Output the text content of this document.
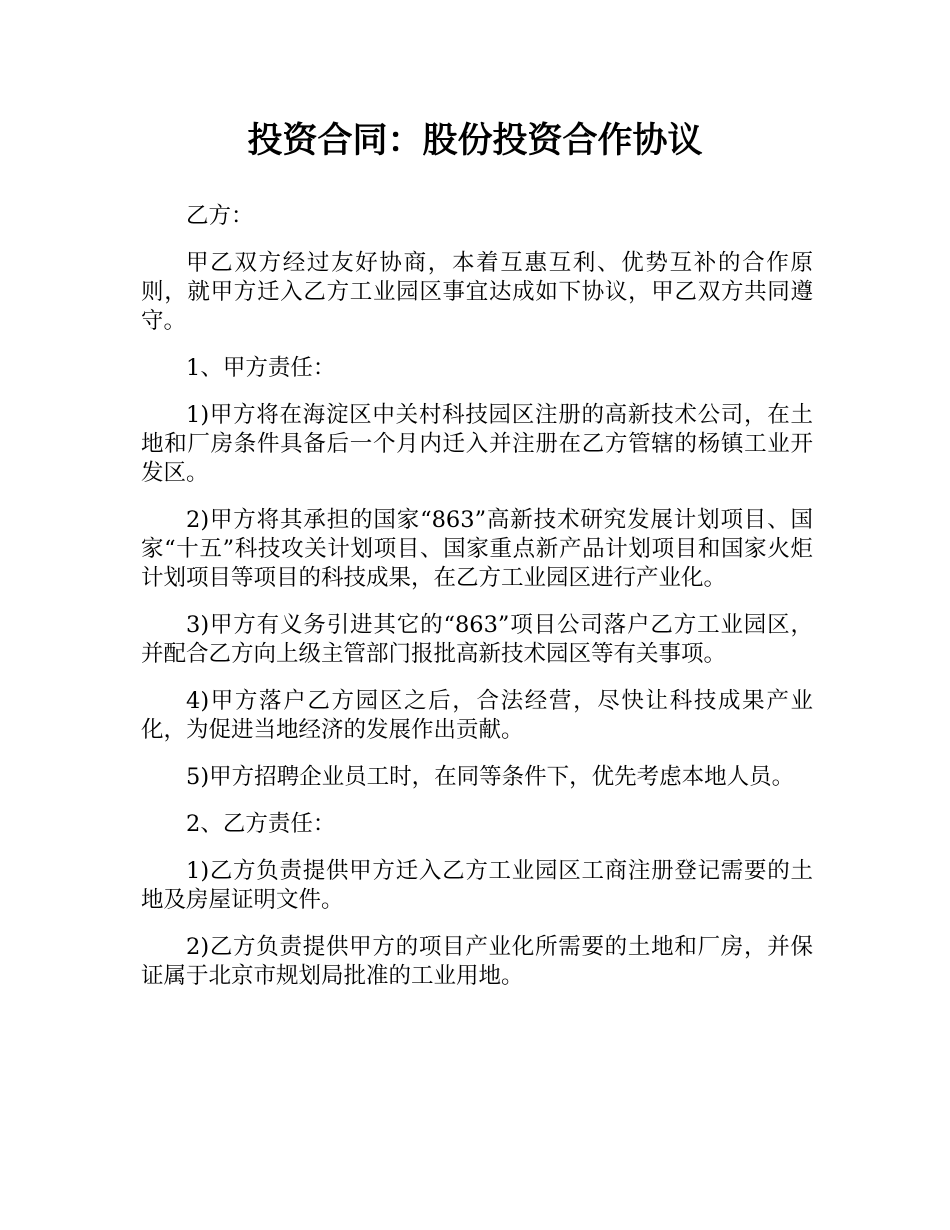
投资合同：股份投资合作协议

乙方：

甲乙双方经过友好协商，本着互惠互利、优势互补的合作原则，就甲方迁入乙方工业园区事宜达成如下协议，甲乙双方共同遵守。

1、甲方责任：

1)甲方将在海淀区中关村科技园区注册的高新技术公司，在土地和厂房条件具备后一个月内迁入并注册在乙方管辖的杨镇工业开发区。

2)甲方将其承担的国家“863”高新技术研究发展计划项目、国家“十五”科技攻关计划项目、国家重点新产品计划项目和国家火炬计划项目等项目的科技成果，在乙方工业园区进行产业化。

3)甲方有义务引进其它的“863”项目公司落户乙方工业园区，并配合乙方向上级主管部门报批高新技术园区等有关事项。

4)甲方落户乙方园区之后，合法经营，尽快让科技成果产业化，为促进当地经济的发展作出贡献。

5)甲方招聘企业员工时，在同等条件下，优先考虑本地人员。

2、乙方责任：

1)乙方负责提供甲方迁入乙方工业园区工商注册登记需要的土地及房屋证明文件。

2)乙方负责提供甲方的项目产业化所需要的土地和厂房，并保证属于北京市规划局批准的工业用地。
